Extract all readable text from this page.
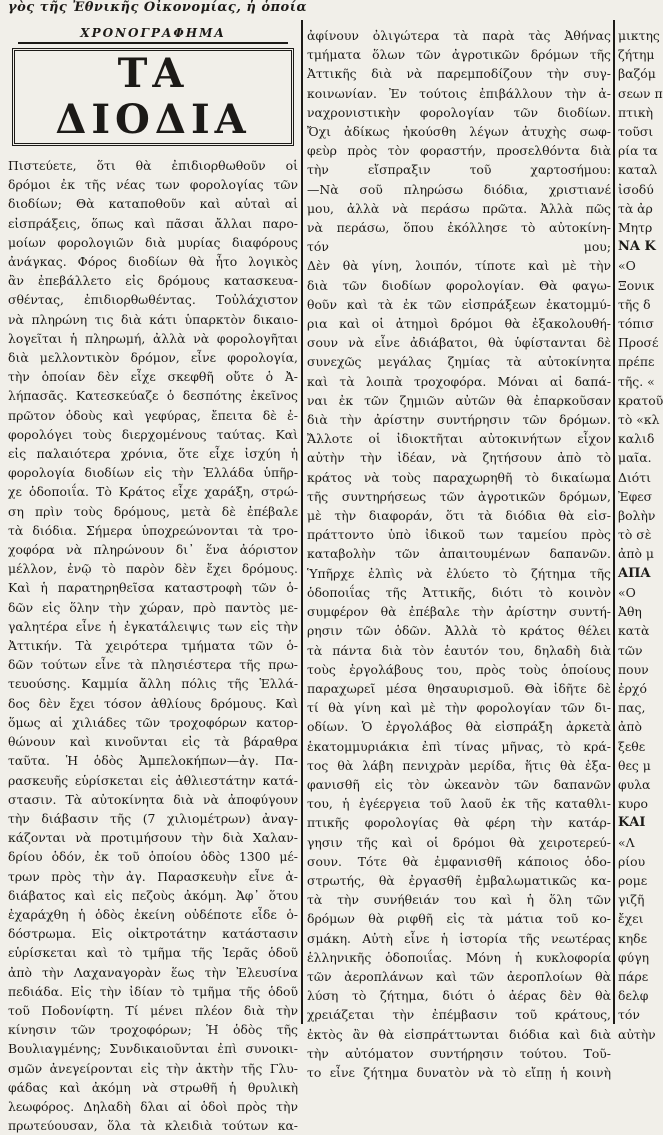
γὸς τῆς Ἐθνικῆς Οἰκονομίας, ἡ ὁποία
ΧΡΟΝΟΓΡΑΦΗΜΑ
ΤΑ ΔΙΟΔΙΑ
Πιστεύετε, ὅτι θὰ ἐπιδιορθωθοῦν οἱ
δρόμοι ἐκ τῆς νέας των φορολογίας τῶν
διοδίων; Θὰ καταποθοῦν καὶ αὐταὶ αἱ
εἰσπράξεις, ὅπως καὶ πᾶσαι ἄλλαι παρο-
μοίων φορολογιῶν διὰ μυρίας διαφόρους
ἀνάγκας. Φόρος διοδίων θὰ ἦτο λογικὸς
ἂν ἐπεβάλλετο εἰς δρόμους κατασκευα-
σθέντας, ἐπιδιορθωθέντας. Τοὐλάχιστον
νὰ πληρώνη τις διὰ κάτι ὑπαρκτὸν δικαιο-
λογεῖται ἡ πληρωμή, ἀλλὰ νὰ φορολογῆται
διὰ μελλοντικὸν δρόμον, εἶνε φορολογία,
τὴν ὁποίαν δὲν εἶχε σκεφθῆ οὔτε ὁ Ἀ-
λήπασᾶς. Κατεσκεύαζε ὁ δεσπότης ἐκεῖνος
πρῶτον ὁδοὺς καὶ γεφύρας, ἔπειτα δὲ ἐ-
φορολόγει τοὺς διερχομένους ταύτας. Καὶ
εἰς παλαιότερα χρόνια, ὅτε εἶχε ἰσχύη ἡ
φορολογία διοδίων εἰς τὴν Ἑλλάδα ὑπῆρ-
χε ὁδοποιΐα. Τὸ Κράτος εἶχε χαράξη, στρώ-
ση πρὶν τοὺς δρόμους, μετὰ δὲ ἐπέβαλε
τὰ διόδια. Σήμερα ὑποχρεώνονται τὰ τρο-
χοφόρα νὰ πληρώνουν δι᾽ ἕνα ἀόριστον
μέλλον, ἐνῷ τὸ παρὸν δὲν ἔχει δρόμους.
Καὶ ἡ παρατηρηθεῖσα καταστροφὴ τῶν ὁ-
δῶν εἰς ὅλην τὴν χώραν, πρὸ παντὸς με-
γαλητέρα εἶνε ἡ ἐγκατάλειψις των εἰς τὴν
Ἀττικήν. Τὰ χειρότερα τμήματα τῶν ὁ-
δῶν τούτων εἶνε τὰ πλησιέστερα τῆς πρω-
τευούσης. Καμμία ἄλλη πόλις τῆς Ἑλλά-
δος δὲν ἔχει τόσον ἀθλίους δρόμους. Καὶ
ὅμως αἱ χιλιάδες τῶν τροχοφόρων κατορ-
θώνουν καὶ κινοῦνται εἰς τὰ βάραθρα
ταῦτα. Ἡ ὁδὸς Ἀμπελοκήπων—ἀγ. Πα-
ρασκευῆς εὑρίσκεται εἰς ἀθλιεστάτην κατά-
στασιν. Τὰ αὐτοκίνητα διὰ νὰ ἀποφύγουν
τὴν διάβασιν τῆς (7 χιλιομέτρων) ἀναγ-
κάζονται νὰ προτιμήσουν τὴν διὰ Χαλαν-
δρίου ὁδόν, ἐκ τοῦ ὁποίου ὁδὸς 1300 μέ-
τρων πρὸς τὴν ἀγ. Παρασκευὴν εἶνε ἀ-
διάβατος καὶ εἰς πεζοὺς ἀκόμη. Ἀφ᾽ ὅτου
ἐχαράχθη ἡ ὁδὸς ἐκείνη οὐδέποτε εἶδε ὁ-
δόστρωμα. Εἰς οἰκτροτάτην κατάστασιν
εὑρίσκεται καὶ τὸ τμῆμα τῆς Ἱερᾶς ὁδοῦ
ἀπὸ τὴν Λαχαναγορὰν ἕως τὴν Ἐλευσίνα
πεδιάδα. Εἰς τὴν ἰδίαν τὸ τμῆμα τῆς ὁδοῦ
τοῦ Ποδονίφτη. Τί μένει πλέον διὰ τὴν
κίνησιν τῶν τροχοφόρων; Ἡ ὁδὸς τῆς
Βουλιαγμένης; Συνδικαιοῦνται ἐπὶ συνοικι-
σμῶν ἀνεγείρονται εἰς τὴν ἀκτὴν τῆς Γλυ-
φάδας καὶ ἀκόμη νὰ στρωθῆ ἡ θρυλικὴ
λεωφόρος. Δηλαδὴ δλαι αἱ ὁδοὶ πρὸς τὴν
πρωτεύουσαν, ὅλα τὰ κλειδιὰ τούτων κα-
ἀφίνουν ὀλιγώτερα τὰ παρὰ τὰς Ἀθήνας
τμήματα ὅλων τῶν ἀγροτικῶν δρόμων τῆς
Ἀττικῆς διὰ νὰ παρεμποδίζουν τὴν συγ-
κοινωνίαν. Ἐν τούτοις ἐπιβάλλουν τὴν ἀ-
ναχρονιστικὴν φορολογίαν τῶν διοδίων.
Ὄχι ἀδίκως ἠκούσθη λέγων ἀτυχὴς σωφ-
φεὺρ πρὸς τὸν φοραστήν, προσελθόντα διὰ
τὴν εἴσπραξιν τοῦ χαρτοσήμου:
—Νὰ σοῦ πληρώσω διόδια, χριστιανέ
μου, ἀλλὰ νὰ περάσω πρῶτα. Ἀλλὰ πῶς
νὰ περάσω, ὅπου ἐκόλλησε τὸ αὐτοκίνη-
τόν μου;
Δὲν θὰ γίνη, λοιπόν, τίποτε καὶ μὲ τὴν
διὰ τῶν διοδίων φορολογίαν. Θὰ φαγω-
θοῦν καὶ τὰ ἐκ τῶν εἰσπράξεων ἑκατομμύ-
ρια καὶ οἱ ἀτημοὶ δρόμοι θὰ ἐξακολουθή-
σουν νὰ εἶνε ἀδιάβατοι, θὰ ὑφίστανται δὲ
συνεχῶς μεγάλας ζημίας τὰ αὐτοκίνητα
καὶ τὰ λοιπὰ τροχοφόρα. Μόναι αἱ δαπά-
ναι ἐκ τῶν ζημιῶν αὐτῶν θὰ ἐπαρκοῦσαν
διὰ τὴν ἀρίστην συντήρησιν τῶν δρόμων.
Ἄλλοτε οἱ ἰδιοκτῆται αὐτοκινήτων εἶχον
αὐτὴν τὴν ἰδέαν, νὰ ζητήσουν ἀπὸ τὸ
κράτος νὰ τοὺς παραχωρηθῆ τὸ δικαίωμα
τῆς συντηρήσεως τῶν ἀγροτικῶν δρόμων,
μὲ τὴν διαφοράν, ὅτι τὰ διόδια θὰ εἰσ-
πράττοντο ὑπὸ ἰδικοῦ των ταμείου πρὸς
καταβολὴν τῶν ἀπαιτουμένων δαπανῶν.
Ὑπῆρχε ἐλπὶς νὰ ἐλύετο τὸ ζήτημα τῆς
ὁδοποιΐας τῆς Ἀττικῆς, διότι τὸ κοινὸν
συμφέρον θὰ ἐπέβαλε τὴν ἀρίστην συντή-
ρησιν τῶν ὁδῶν. Ἀλλὰ τὸ κράτος θέλει
τὰ πάντα διὰ τὸν ἑαυτόν του, δηλαδὴ διὰ
τοὺς ἐργολάβους του, πρὸς τοὺς ὁποίους
παραχωρεῖ μέσα θησαυρισμοῦ. Θὰ ἰδῆτε δὲ
τί θὰ γίνη καὶ μὲ τὴν φορολογίαν τῶν δι-
οδίων. Ὁ ἐργολάβος θὰ εἰσπράξη ἀρκετὰ
ἑκατομμυριάκια ἐπὶ τίνας μῆνας, τὸ κρά-
τος θὰ λάβη πενιχρὰν μερίδα, ἥτις θὰ ἐξα-
φανισθῆ εἰς τὸν ὠκεανὸν τῶν δαπανῶν
του, ἡ ἐγέεργεια τοῦ λαοῦ ἐκ τῆς καταθλι-
πτικῆς φορολογίας θὰ φέρη τὴν κατάρ-
γησιν τῆς καὶ οἱ δρόμοι θὰ χειροτερεύ-
σουν. Τότε θὰ ἐμφανισθῆ κάποιος ὁδο-
στρωτής, θὰ ἐργασθῆ ἐμβαλωματικῶς κα-
τὰ τὴν συνήθειάν του καὶ ἡ ὅλη τῶν
δρόμων θὰ ριφθῆ εἰς τὰ μάτια τοῦ κο-
σμάκη. Αὐτὴ εἶνε ἡ ἱστορία τῆς νεωτέρας
ἑλληνικῆς ὁδοποιΐας. Μόνη ἡ κυκλοφορία
τῶν ἀεροπλάνων καὶ τῶν ἀεροπλοίων θὰ
λύση τὸ ζήτημα, διότι ὁ ἀέρας δὲν θὰ
χρειάζεται τὴν ἐπέμβασιν τοῦ κράτους,
ἐκτὸς ἂν θὰ εἰσπράττωνται διόδια καὶ διὰ
τὴν αὐτόματον συντήρησιν τούτου. Τοῦ-
το εἶνε ζήτημα δυνατὸν νὰ τὸ εἴπῃ ἡ κοινὴ
μικτης
ζήτημ
βαζόμ
σεων π
πτικὴ
τοῦσι
ρία τα
καταλ
ἰσοδύ
τὰ ἀρ
Μητρ
ΝΑ Κ
«Ο
Ξονικ
τῆς δ
τόπισ
Προσέ
πρέπε
τῆς. «
κρατοῦ
τὸ «κλ
καλιδ
μαῖα.
Διότι
Ἐφεσ
βολὴν
τὸ σὲ
ἀπὸ μ
ΑΠΑ
«Ο
Ἀθη
κατὰ
τῶν
πουν
ἐρχό
πας,
ἀπὸ
ξεθε
θες μ
φυλα
κυρο
ΚΑΙ
«Λ
ρίου
ρομε
γιζῆ
ἔχει
κηδε
φύγη
πάρε
δελφ
τόν
αὐτὴν
